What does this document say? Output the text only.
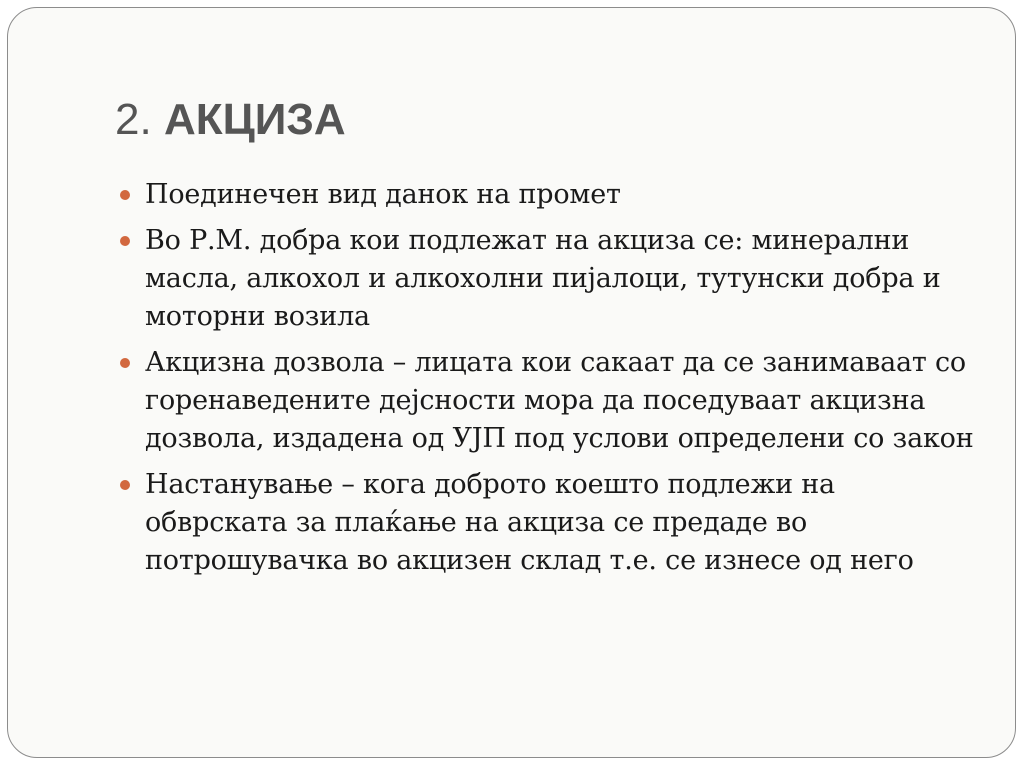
2. АКЦИЗА
Поединечен вид данок на промет
Во Р.М. добра кои подлежат на акциза се: минерални масла, алкохол и алкохолни пијалоци, тутунски добра и моторни возила
Акцизна дозвола – лицата кои сакаат да се занимаваат со горенаведените дејсности мора да поседуваат акцизна дозвола, издадена од УЈП под услови определени со закон
Настанување – кога доброто коешто подлежи на обврската за плаќање на акциза се предаде во потрошувачка во акцизен склад т.е. се изнесе од него
